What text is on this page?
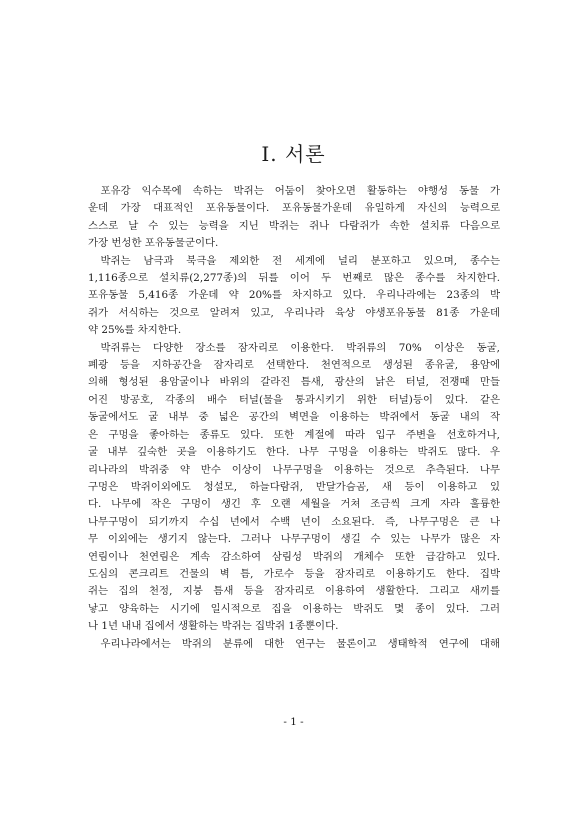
Ⅰ. 서론

포유강 익수목에 속하는 박쥐는 어둠이 찾아오면 활동하는 야행성 동물 가

운데 가장 대표적인 포유동물이다. 포유동물가운데 유일하게 자신의 능력으로

스스로 날 수 있는 능력을 지닌 박쥐는 쥐나 다람쥐가 속한 설치류 다음으로

가장 번성한 포유동물군이다.

박쥐는 남극과 북극을 제외한 전 세계에 널리 분포하고 있으며, 종수는

1,116종으로 설치류(2,277종)의 뒤를 이어 두 번째로 많은 종수를 차지한다.

포유동물 5,416종 가운데 약 20%를 차지하고 있다. 우리나라에는 23종의 박

쥐가 서식하는 것으로 알려져 있고, 우리나라 육상 야생포유동물 81종 가운데

약 25%를 차지한다.

박쥐류는 다양한 장소를 잠자리로 이용한다. 박쥐류의 70% 이상은 동굴,

폐광 등을 지하공간을 잠자리로 선택한다. 천연적으로 생성된 종유굴, 용암에

의해 형성된 용암굴이나 바위의 갈라진 틈새, 광산의 낡은 터널, 전쟁때 만들

어진 방공호, 각종의 배수 터널(물을 통과시키기 위한 터널)등이 있다. 같은

동굴에서도 굴 내부 중 넓은 공간의 벽면을 이용하는 박쥐에서 동굴 내의 작

은 구멍을 좋아하는 종류도 있다. 또한 계절에 따라 입구 주변을 선호하거나,

굴 내부 깊숙한 곳을 이용하기도 한다. 나무 구멍을 이용하는 박쥐도 많다. 우

리나라의 박쥐중 약 반수 이상이 나무구멍을 이용하는 것으로 추측된다. 나무

구멍은 박쥐이외에도 청설모, 하늘다람쥐, 반달가슴곰, 새 등이 이용하고 있

다. 나무에 작은 구멍이 생긴 후 오랜 세월을 거쳐 조금씩 크게 자라 훌륭한

나무구멍이 되기까지 수십 년에서 수백 년이 소요된다. 즉, 나무구멍은 큰 나

무 이외에는 생기지 않는다. 그러나 나무구멍이 생길 수 있는 나무가 많은 자

연림이나 천연림은 계속 감소하여 삼림성 박쥐의 개체수 또한 급감하고 있다.

도심의 콘크리트 건물의 벽 틈, 가로수 등을 잠자리로 이용하기도 한다. 집박

쥐는 집의 천정, 지붕 틈새 등을 잠자리로 이용하여 생활한다. 그리고 새끼를

낳고 양육하는 시기에 일시적으로 집을 이용하는 박쥐도 몇 종이 있다. 그러

나 1년 내내 집에서 생활하는 박쥐는 집박쥐 1종뿐이다.

우리나라에서는 박쥐의 분류에 대한 연구는 물론이고 생태학적 연구에 대해

- 1 -
